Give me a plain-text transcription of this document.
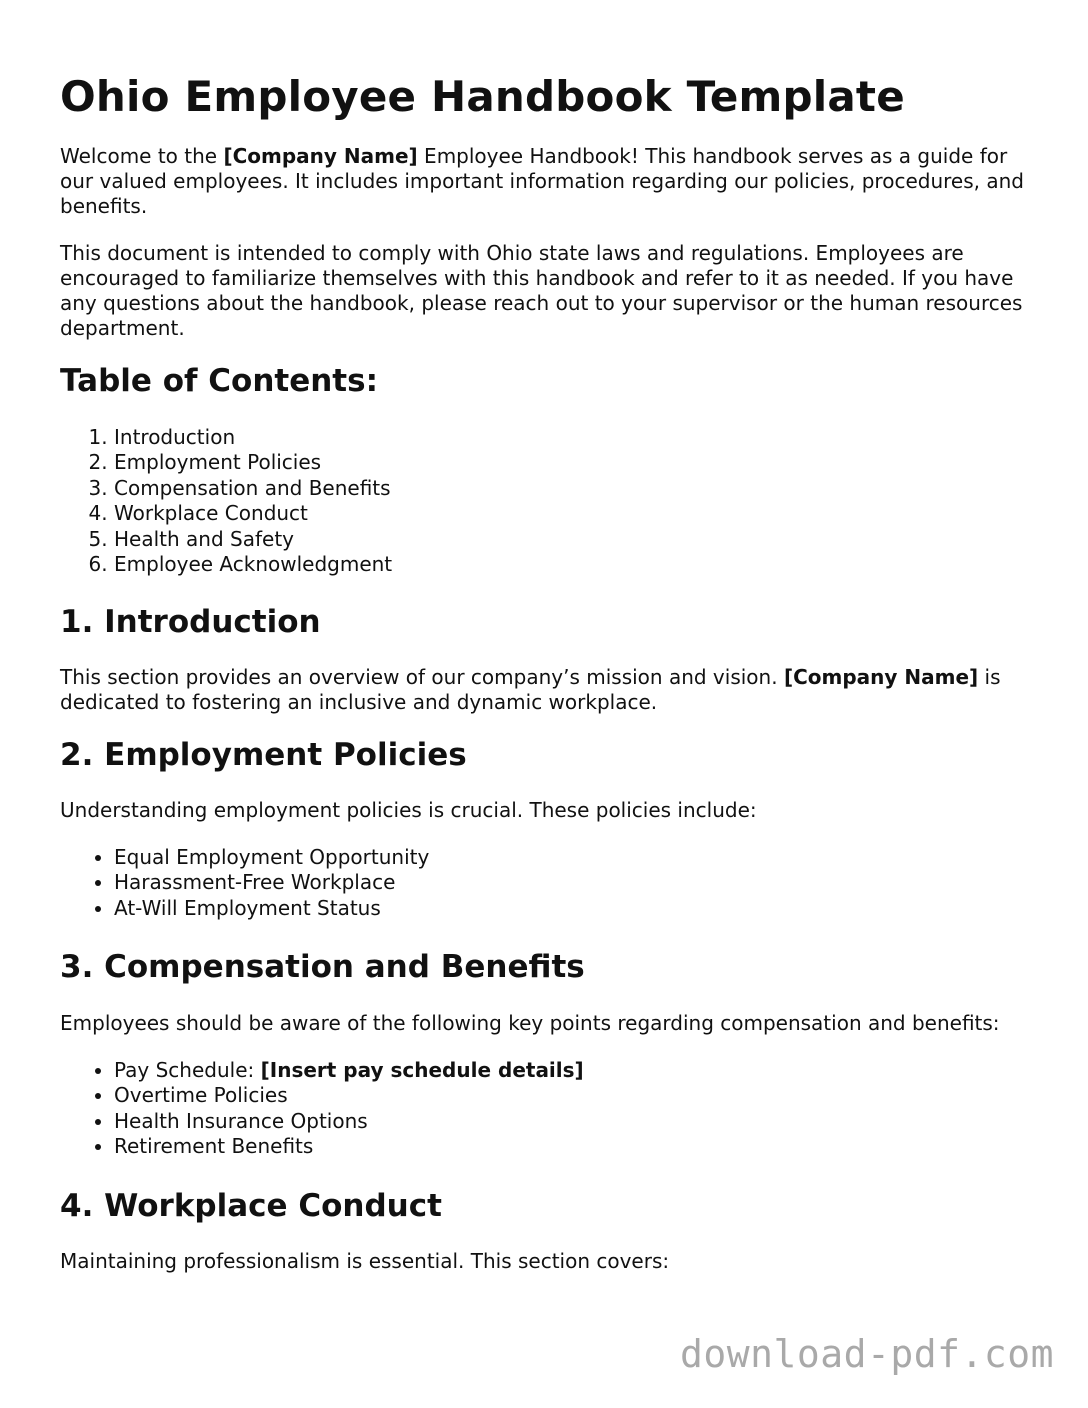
Ohio Employee Handbook Template

Welcome to the [Company Name] Employee Handbook! This handbook serves as a guide for our valued employees. It includes important information regarding our policies, procedures, and benefits.

This document is intended to comply with Ohio state laws and regulations. Employees are encouraged to familiarize themselves with this handbook and refer to it as needed. If you have any questions about the handbook, please reach out to your supervisor or the human resources department.

Table of Contents:
1. Introduction
2. Employment Policies
3. Compensation and Benefits
4. Workplace Conduct
5. Health and Safety
6. Employee Acknowledgment
1. Introduction

This section provides an overview of our company’s mission and vision. [Company Name] is dedicated to fostering an inclusive and dynamic workplace.

2. Employment Policies

Understanding employment policies is crucial. These policies include:

• Equal Employment Opportunity
• Harassment-Free Workplace
• At-Will Employment Status
3. Compensation and Benefits

Employees should be aware of the following key points regarding compensation and benefits:

• Pay Schedule: [Insert pay schedule details]
• Overtime Policies
• Health Insurance Options
• Retirement Benefits
4. Workplace Conduct

Maintaining professionalism is essential. This section covers:

download-pdf.com
